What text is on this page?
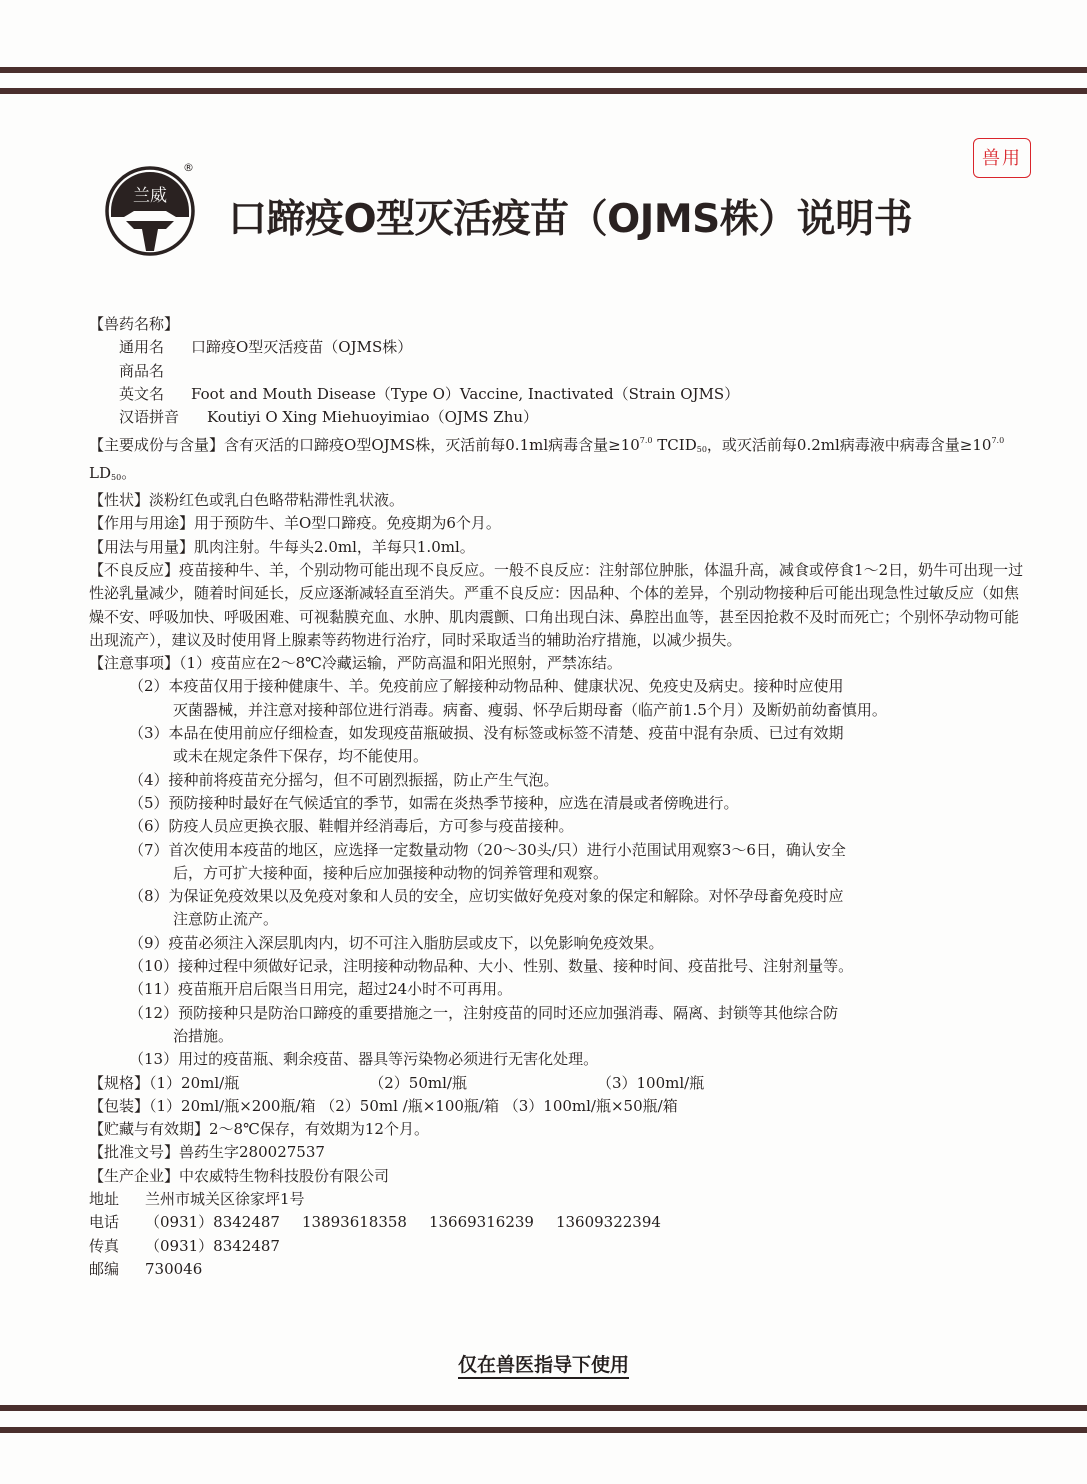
兽用
兰威
®
口蹄疫O型灭活疫苗（OJMS株）说明书
【兽药名称】
通用名 口蹄疫O型灭活疫苗（OJMS株）
商品名
英文名 Foot and Mouth Disease（Type O）Vaccine, Inactivated（Strain OJMS）
汉语拼音 Koutiyi O Xing Miehuoyimiao（OJMS Zhu）
【主要成份与含量】含有灭活的口蹄疫O型OJMS株，灭活前每0.1ml病毒含量$\ge 10^{7.0}$ TCID50，或灭活前每0.2ml病毒液中病毒含量$\ge 10^{7.0}$ LD50。
【性状】淡粉红色或乳白色略带粘滞性乳状液。
【作用与用途】用于预防牛、羊O型口蹄疫。免疫期为6个月。
【用法与用量】肌肉注射。牛每头2.0ml，羊每只1.0ml。
【不良反应】疫苗接种牛、羊，个别动物可能出现不良反应。一般不良反应：注射部位肿胀，体温升高，减食或停食1～2日，奶牛可出现一过性泌乳量减少，随着时间延长，反应逐渐减轻直至消失。严重不良反应：因品种、个体的差异，个别动物接种后可能出现急性过敏反应（如焦燥不安、呼吸加快、呼吸困难、可视黏膜充血、水肿、肌肉震颤、口角出现白沫、鼻腔出血等，甚至因抢救不及时而死亡；个别怀孕动物可能出现流产），建议及时使用肾上腺素等药物进行治疗，同时采取适当的辅助治疗措施，以减少损失。
【注意事项】（1）疫苗应在2～8℃冷藏运输，严防高温和阳光照射，严禁冻结。
（2）本疫苗仅用于接种健康牛、羊。免疫前应了解接种动物品种、健康状况、免疫史及病史。接种时应使用
灭菌器械，并注意对接种部位进行消毒。病畜、瘦弱、怀孕后期母畜（临产前1.5个月）及断奶前幼畜慎用。
（3）本品在使用前应仔细检查，如发现疫苗瓶破损、没有标签或标签不清楚、疫苗中混有杂质、已过有效期
或未在规定条件下保存，均不能使用。
（4）接种前将疫苗充分摇匀，但不可剧烈振摇，防止产生气泡。
（5）预防接种时最好在气候适宜的季节，如需在炎热季节接种，应选在清晨或者傍晚进行。
（6）防疫人员应更换衣服、鞋帽并经消毒后，方可参与疫苗接种。
（7）首次使用本疫苗的地区，应选择一定数量动物（20～30头/只）进行小范围试用观察3～6日，确认安全
后，方可扩大接种面，接种后应加强接种动物的饲养管理和观察。
（8）为保证免疫效果以及免疫对象和人员的安全，应切实做好免疫对象的保定和解除。对怀孕母畜免疫时应
注意防止流产。
（9）疫苗必须注入深层肌肉内，切不可注入脂肪层或皮下，以免影响免疫效果。
（10）接种过程中须做好记录，注明接种动物品种、大小、性别、数量、接种时间、疫苗批号、注射剂量等。
（11）疫苗瓶开启后限当日用完，超过24小时不可再用。
（12）预防接种只是防治口蹄疫的重要措施之一，注射疫苗的同时还应加强消毒、隔离、封锁等其他综合防
治措施。
（13）用过的疫苗瓶、剩余疫苗、器具等污染物必须进行无害化处理。
【规格】（1）20ml/瓶	（2）50ml/瓶	（3）100ml/瓶
【包装】（1）20ml/瓶×200瓶/箱 （2）50ml /瓶×100瓶/箱 （3）100ml/瓶×50瓶/箱
【贮藏与有效期】2～8℃保存，有效期为12个月。
【批准文号】兽药生字280027537
【生产企业】中农威特生物科技股份有限公司
地址 兰州市城关区徐家坪1号
电话 （0931）8342487 13893618358 13669316239 13609322394
传真 （0931）8342487
邮编 730046
仅在兽医指导下使用
